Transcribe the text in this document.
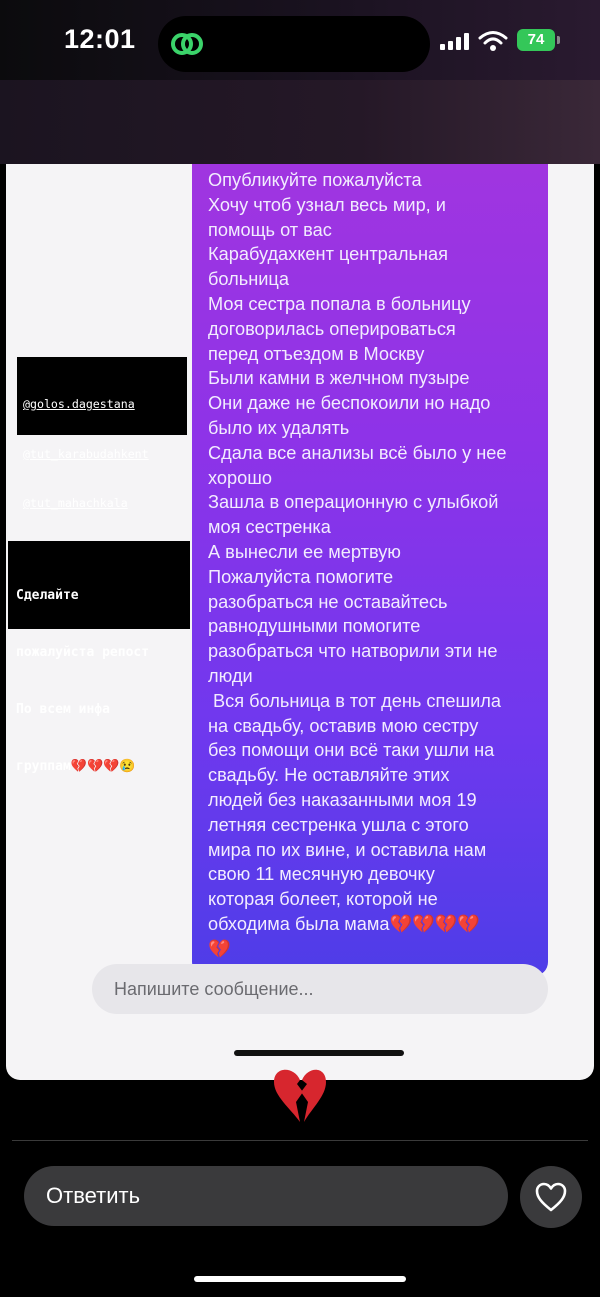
12:01	74
Опубликуйте пожалуйста
Хочу чтоб узнал весь мир, и
помощь от вас
Карабудахкент центральная
больница
Моя сестра попала в больницу
договорилась оперироваться
перед отъездом в Москву
Были камни в желчном пузыре
Они даже не беспокоили но надо
было их удалять
Сдала все анализы всё было у нее
хорошо
Зашла в операционную с улыбкой
моя сестренка
А вынесли ее мертвую
Пожалуйста помогите
разобраться не оставайтесь
равнодушными помогите
разобраться что натворили эти не
люди
Вся больница в тот день спешила
на свадьбу, оставив мою сестру
без помощи они всё таки ушли на
свадьбу. Не оставляйте этих
людей без наказанными моя 19
летняя сестренка ушла с этого
мира по их вине, и оставила нам
свою 11 месячную девочку
которая болеет, которой не
обходима была мама💔💔💔💔
💔
Напишите сообщение...

@golos.dagestana

@tut_karabudahkent

@tut_mahachkala

Сделайте

пожалуйста репост

По всем инфа

группам💔💔💔😢

Ответить
